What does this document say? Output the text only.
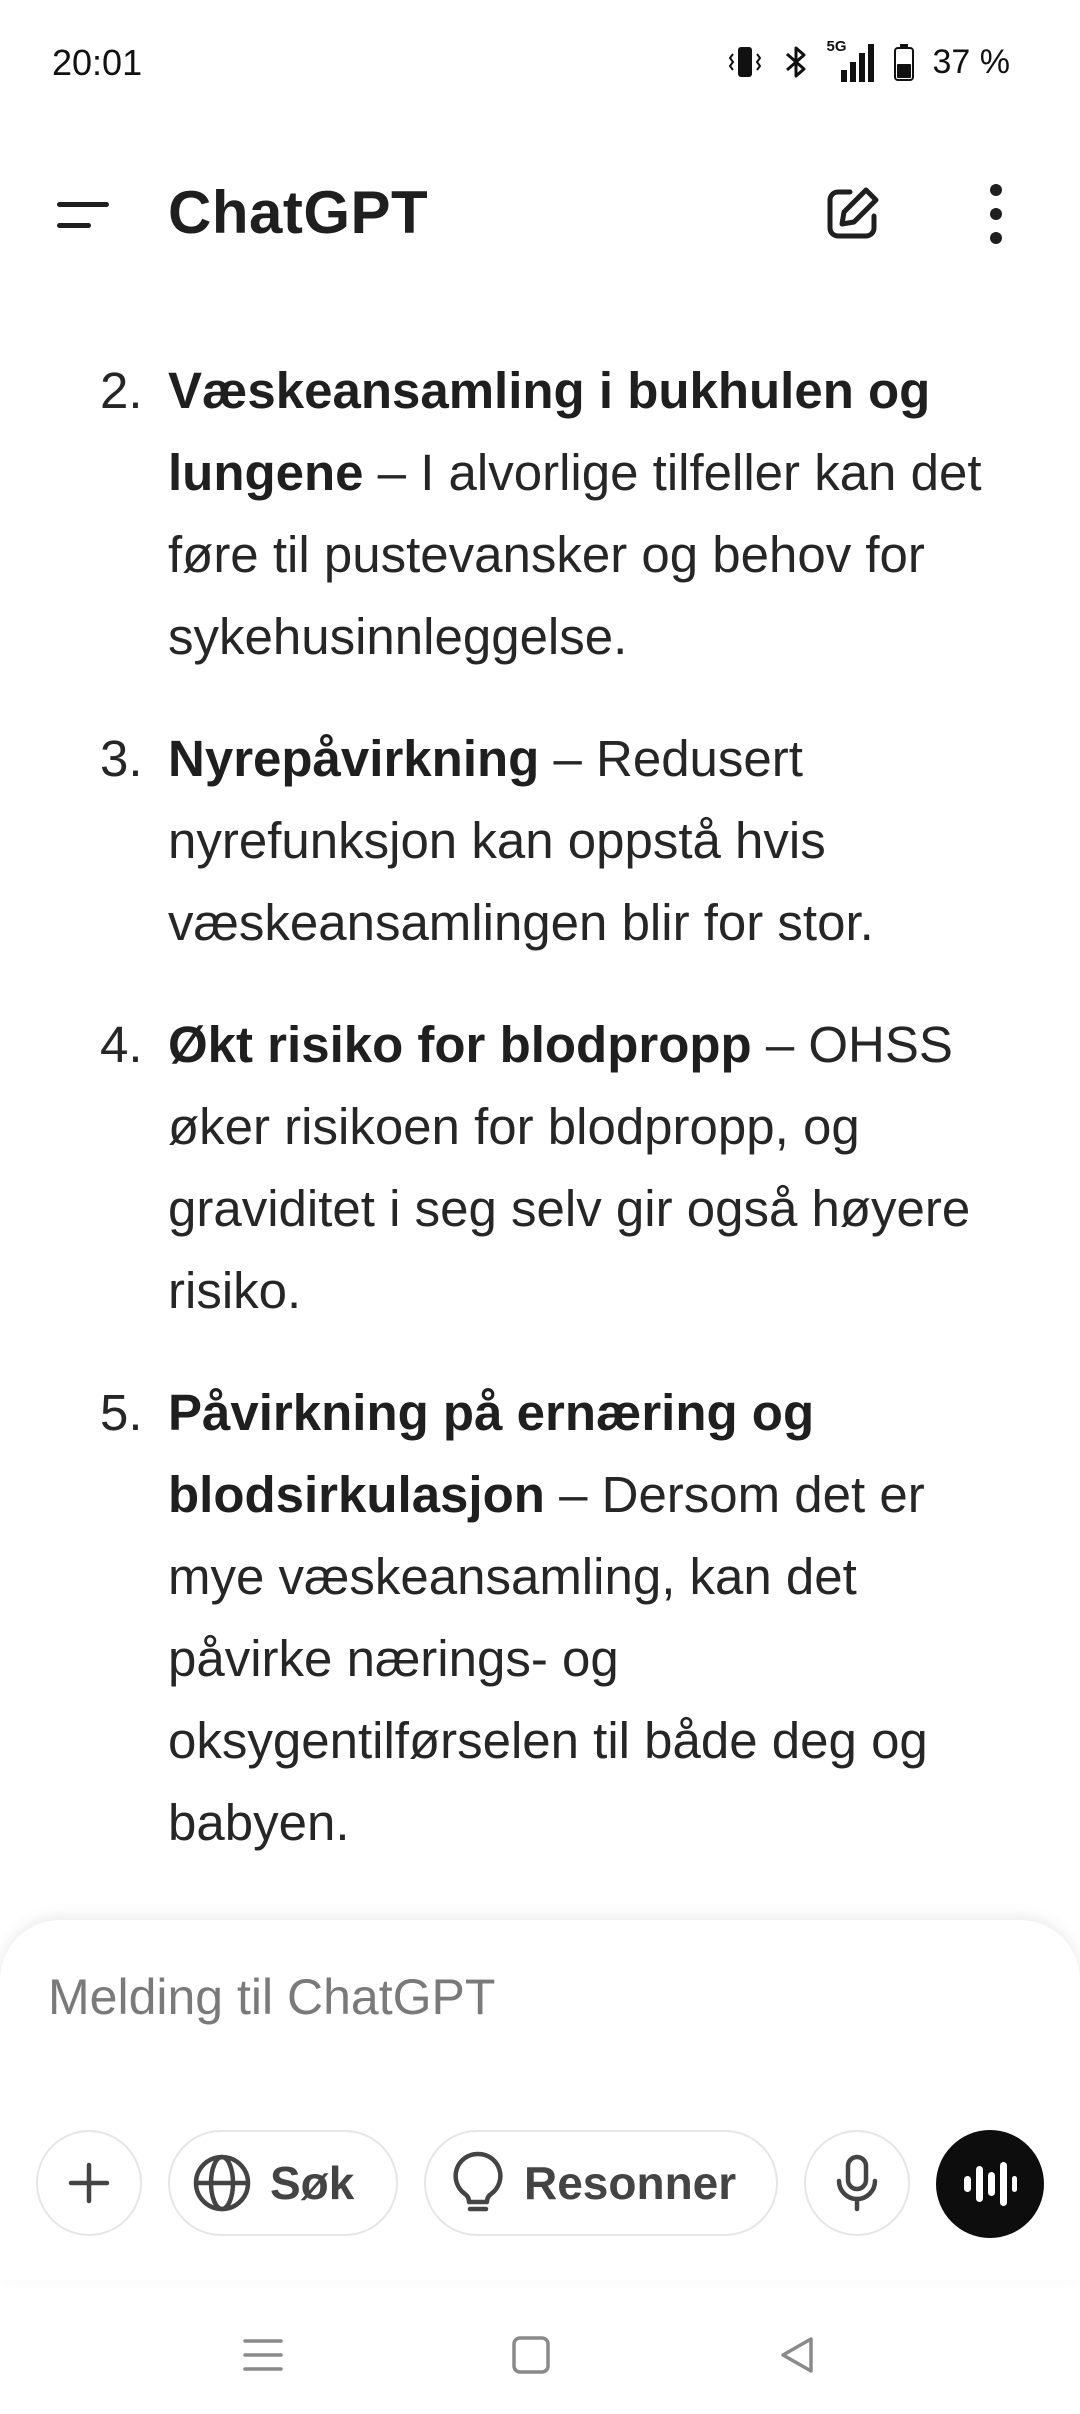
20:01	5G	37 %
ChatGPT
2. Væskeansamling i bukhulen og lungene – I alvorlige tilfeller kan det føre til pustevansker og behov for sykehusinnleggelse.
3. Nyrepåvirkning – Redusert nyrefunksjon kan oppstå hvis væskeansamlingen blir for stor.
4. Økt risiko for blodpropp – OHSS øker risikoen for blodpropp, og graviditet i seg selv gir også høyere risiko.
5. Påvirkning på ernæring og blodsirkulasjon – Dersom det er mye væskeansamling, kan det påvirke nærings- og oksygentilførselen til både deg og babyen.
Melding til ChatGPT
Søk	Resonner
